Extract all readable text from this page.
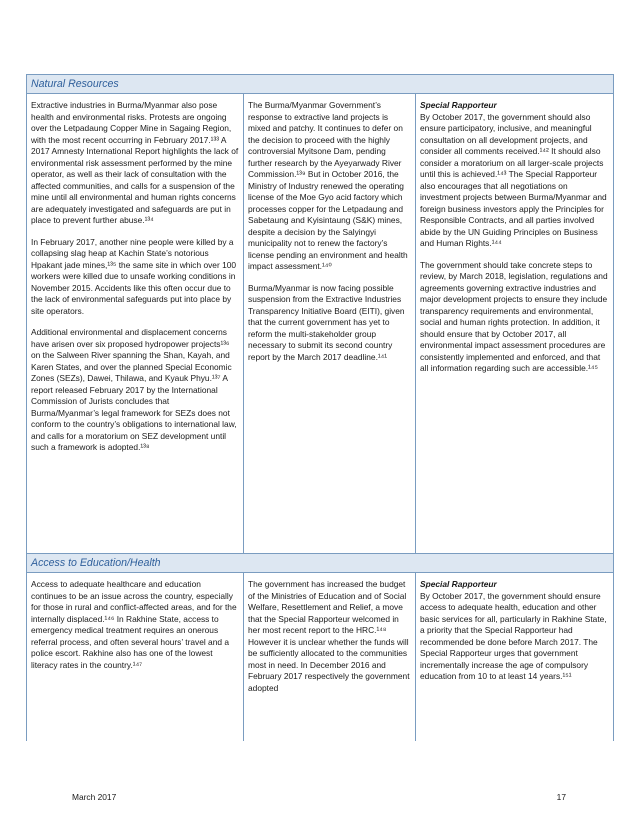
Natural Resources

Extractive industries in Burma/Myanmar also pose health and environmental risks. Protests are ongoing over the Letpadaung Copper Mine in Sagaing Region, with the most recent occurring in February 2017.¹³³ A 2017 Amnesty International Report highlights the lack of environmental risk assessment performed by the mine operator, as well as their lack of consultation with the affected communities, and calls for a suspension of the mine until all environmental and human rights concerns are adequately investigated and safeguards are put in place to prevent further abuse.¹³⁴

In February 2017, another nine people were killed by a collapsing slag heap at Kachin State’s notorious Hpakant jade mines,¹³⁵ the same site in which over 100 workers were killed due to unsafe working conditions in November 2015. Accidents like this often occur due to the lack of environmental safeguards put into place by site operators.

Additional environmental and displacement concerns have arisen over six proposed hydropower projects¹³⁶ on the Salween River spanning the Shan, Kayah, and Karen States, and over the planned Special Economic Zones (SEZs), Dawei, Thilawa, and Kyauk Phyu.¹³⁷ A report released February 2017 by the International Commission of Jurists concludes that Burma/Myanmar’s legal framework for SEZs does not conform to the country’s obligations to international law, and calls for a moratorium on SEZ development until such a framework is adopted.¹³⁸

The Burma/Myanmar Government’s response to extractive land projects is mixed and patchy. It continues to defer on the decision to proceed with the highly controversial Myitsone Dam, pending further research by the Ayeyarwady River Commission.¹³⁹ But in October 2016, the Ministry of Industry renewed the operating license of the Moe Gyo acid factory which processes copper for the Letpadaung and Sabetaung and Kyisintaung (S&K) mines, despite a decision by the Salyingyi municipality not to renew the factory’s license pending an environment and health impact assessment.¹⁴⁰

Burma/Myanmar is now facing possible suspension from the Extractive Industries Transparency Initiative Board (EITI), given that the current government has yet to reform the multi-stakeholder group necessary to submit its second country report by the March 2017 deadline.¹⁴¹

Special Rapporteur

By October 2017, the government should also ensure participatory, inclusive, and meaningful consultation on all development projects, and consider all comments received.¹⁴² It should also consider a moratorium on all larger-scale projects until this is achieved.¹⁴³ The Special Rapporteur also encourages that all negotiations on investment projects between Burma/Myanmar and foreign business investors apply the Principles for Responsible Contracts, and all parties involved abide by the UN Guiding Principles on Business and Human Rights.¹⁴⁴

The government should take concrete steps to review, by March 2018, legislation, regulations and agreements governing extractive industries and major development projects to ensure they include transparency requirements and environmental, social and human rights protection. In addition, it should ensure that by October 2017, all environmental impact assessment procedures are consistently implemented and enforced, and that all information regarding such are accessible.¹⁴⁵

Access to Education/Health

Access to adequate healthcare and education continues to be an issue across the country, especially for those in rural and conflict-affected areas, and for the internally displaced.¹⁴⁶ In Rakhine State, access to emergency medical treatment requires an onerous referral process, and often several hours’ travel and a police escort. Rakhine also has one of the lowest literacy rates in the country.¹⁴⁷

The government has increased the budget of the Ministries of Education and of Social Welfare, Resettlement and Relief, a move that the Special Rapporteur welcomed in her most recent report to the HRC.¹⁴⁸ However it is unclear whether the funds will be sufficiently allocated to the communities most in need. In December 2016 and February 2017 respectively the government adopted

Special Rapporteur

By October 2017, the government should ensure access to adequate health, education and other basic services for all, particularly in Rakhine State, a priority that the Special Rapporteur had recommended be done before March 2017. The Special Rapporteur urges that government incrementally increase the age of compulsory education from 10 to at least 14 years.¹⁵¹

March 2017	17
